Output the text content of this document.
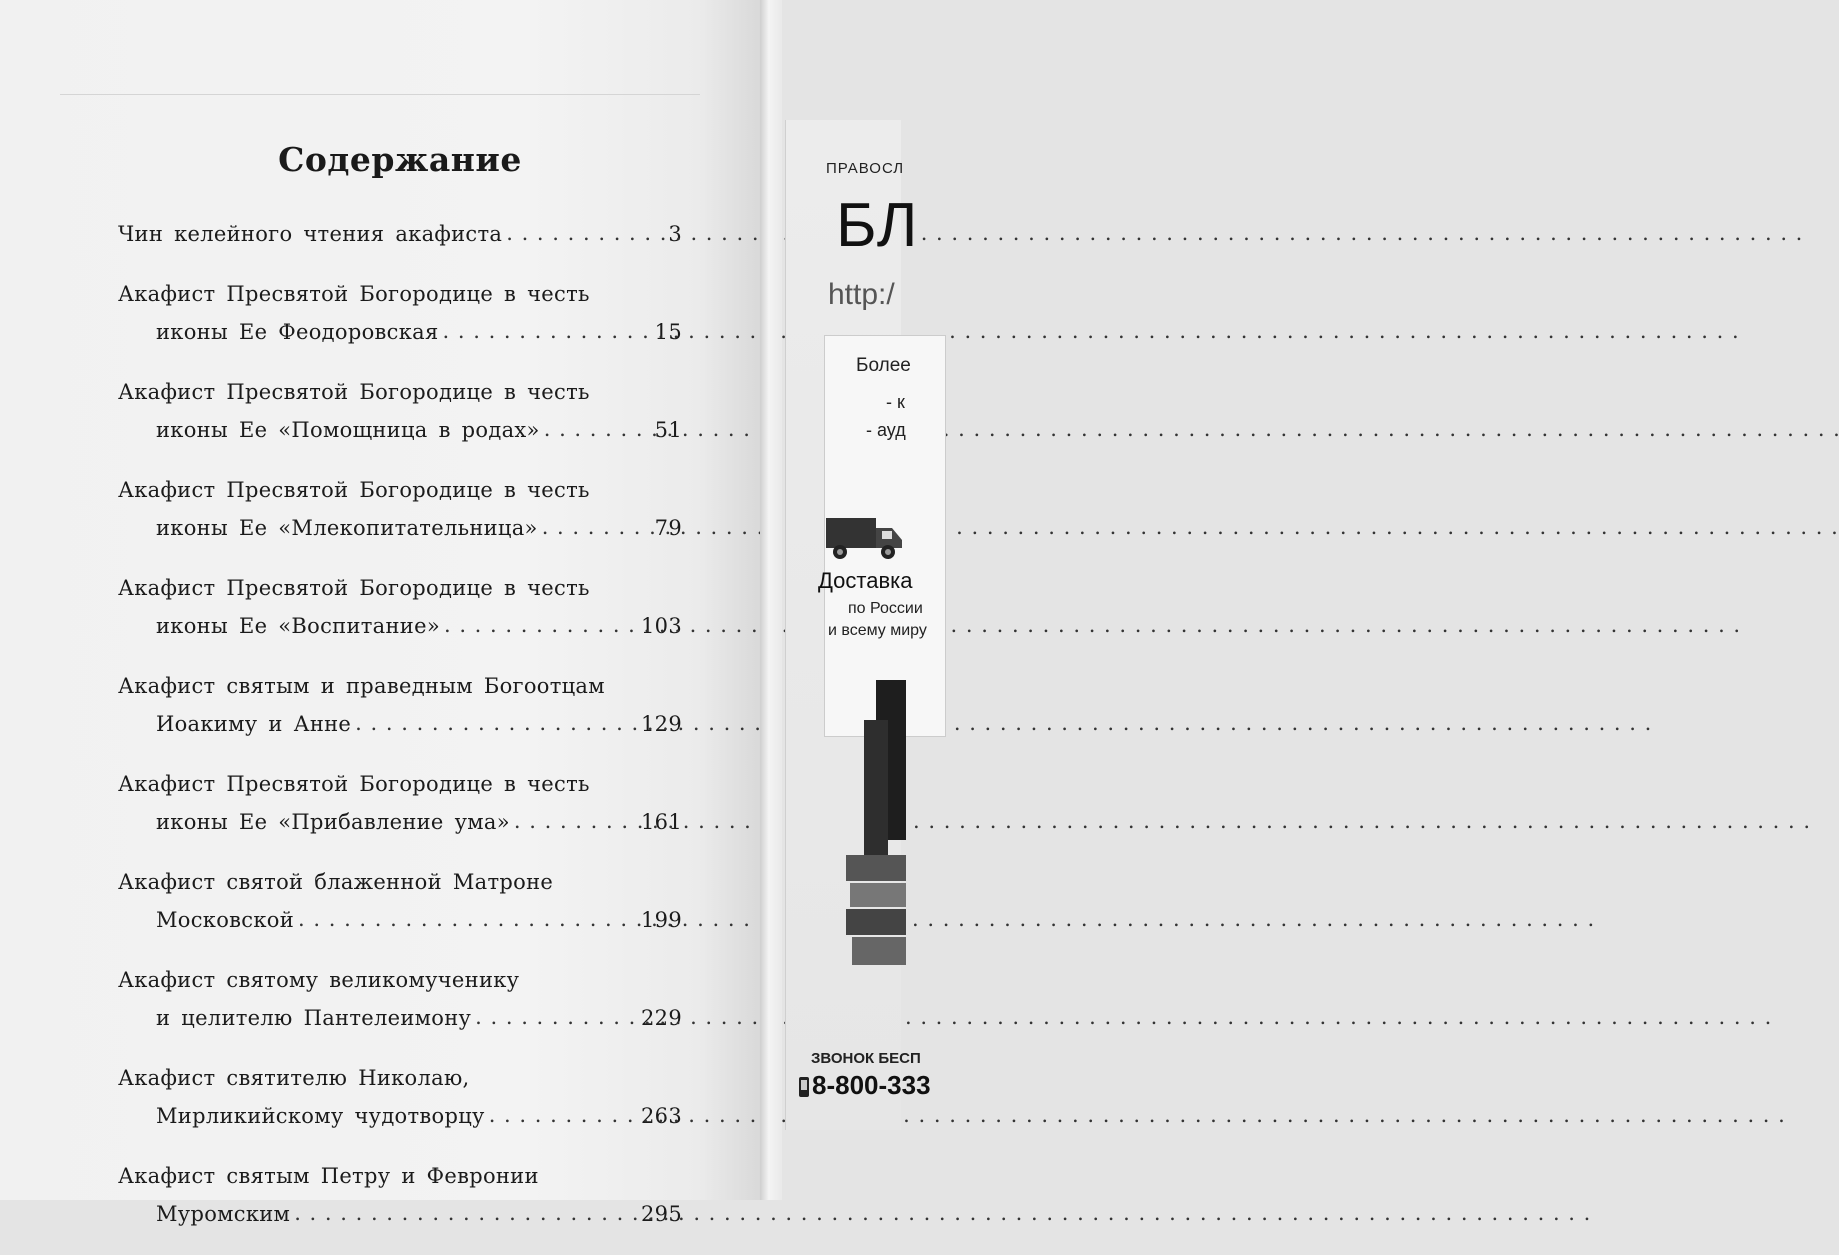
Содержание
Чин келейного чтения акафиста . . .	3
Акафист Пресвятой Богородице в честь
иконы Ее Феодоровская . . .	15
Акафист Пресвятой Богородице в честь
иконы Ее «Помощница в родах» . . .	51
Акафист Пресвятой Богородице в честь
иконы Ее «Млекопитательница» . . .	79
Акафист Пресвятой Богородице в честь
иконы Ее «Воспитание» . . .	103
Акафист святым и праведным Богоотцам
Иоакиму и Анне . . .	129
Акафист Пресвятой Богородице в честь
иконы Ее «Прибавление ума» . . .	161
Акафист святой блаженной Матроне
Московской . . .	199
Акафист святому великомученику
и целителю Пантелеимону . . .	229
Акафист святителю Николаю,
Мирликийскому чудотворцу . . .	263
Акафист святым Петру и Февронии
Муромским . . .	295
ПРАВОСЛ
БЛ
http:/
Более
- к
- ауд
Доставка
по России
и всему миру
ЗВОНОК БЕСП
8-800-333
